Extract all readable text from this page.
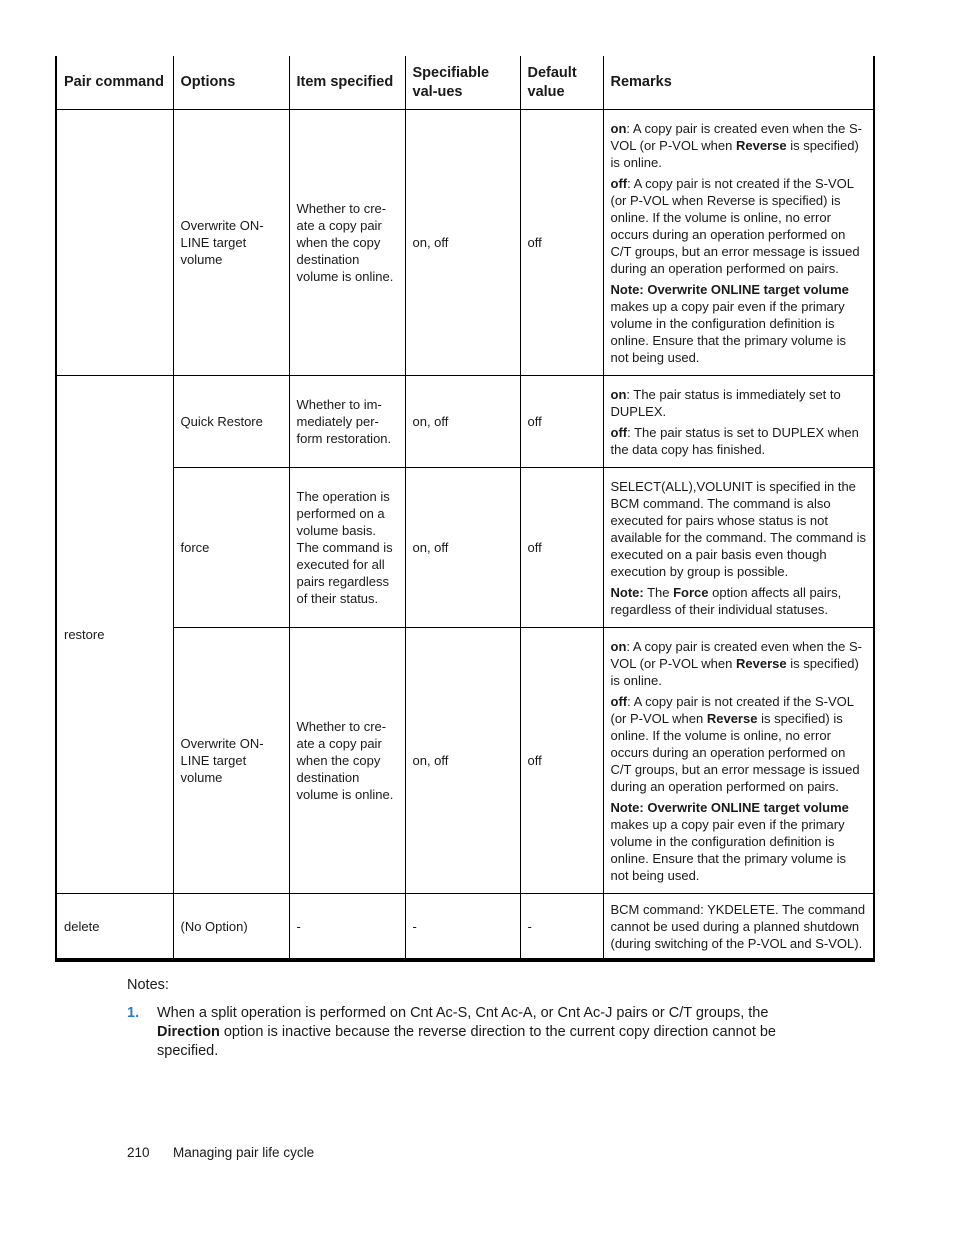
Pair command	Options	Item specified	Specifiable val-ues	Default value	Remarks
	Overwrite ON-LINE target volume	Whether to cre-ate a copy pair when the copy destination volume is online.	on, off	off	on: A copy pair is created even when the S-VOL (or P-VOL when Reverse is specified) is online.

off: A copy pair is not created if the S-VOL (or P-VOL when Reverse is specified) is online. If the volume is online, no error occurs during an operation performed on C/T groups, but an error message is issued during an operation performed on pairs.

Note: Overwrite ONLINE target volume makes up a copy pair even if the primary volume in the configuration definition is online. Ensure that the primary volume is not being used.

restore	Quick Restore	Whether to im-mediately per-form restoration.	on, off	off	on: The pair status is immediately set to DUPLEX.

off: The pair status is set to DUPLEX when the data copy has finished.

	force	The operation is performed on a volume basis. The command is executed for all pairs regardless of their status.	on, off	off	SELECT(ALL),VOLUNIT is specified in the BCM command. The command is also executed for pairs whose status is not available for the command. The command is executed on a pair basis even though execution by group is possible.

Note: The Force option affects all pairs, regardless of their individual statuses.

	Overwrite ON-LINE target volume	Whether to cre-ate a copy pair when the copy destination volume is online.	on, off	off	on: A copy pair is created even when the S-VOL (or P-VOL when Reverse is specified) is online.

off: A copy pair is not created if the S-VOL (or P-VOL when Reverse is specified) is online. If the volume is online, no error occurs during an operation performed on C/T groups, but an error message is issued during an operation performed on pairs.

Note: Overwrite ONLINE target volume makes up a copy pair even if the primary volume in the configuration definition is online. Ensure that the primary volume is not being used.

delete	(No Option)	-	-	-	BCM command: YKDELETE. The command cannot be used during a planned shutdown (during switching of the P-VOL and S-VOL).

Notes:
1. When a split operation is performed on Cnt Ac-S, Cnt Ac-A, or Cnt Ac-J pairs or C/T groups, the Direction option is inactive because the reverse direction to the current copy direction cannot be specified.
210 Managing pair life cycle
